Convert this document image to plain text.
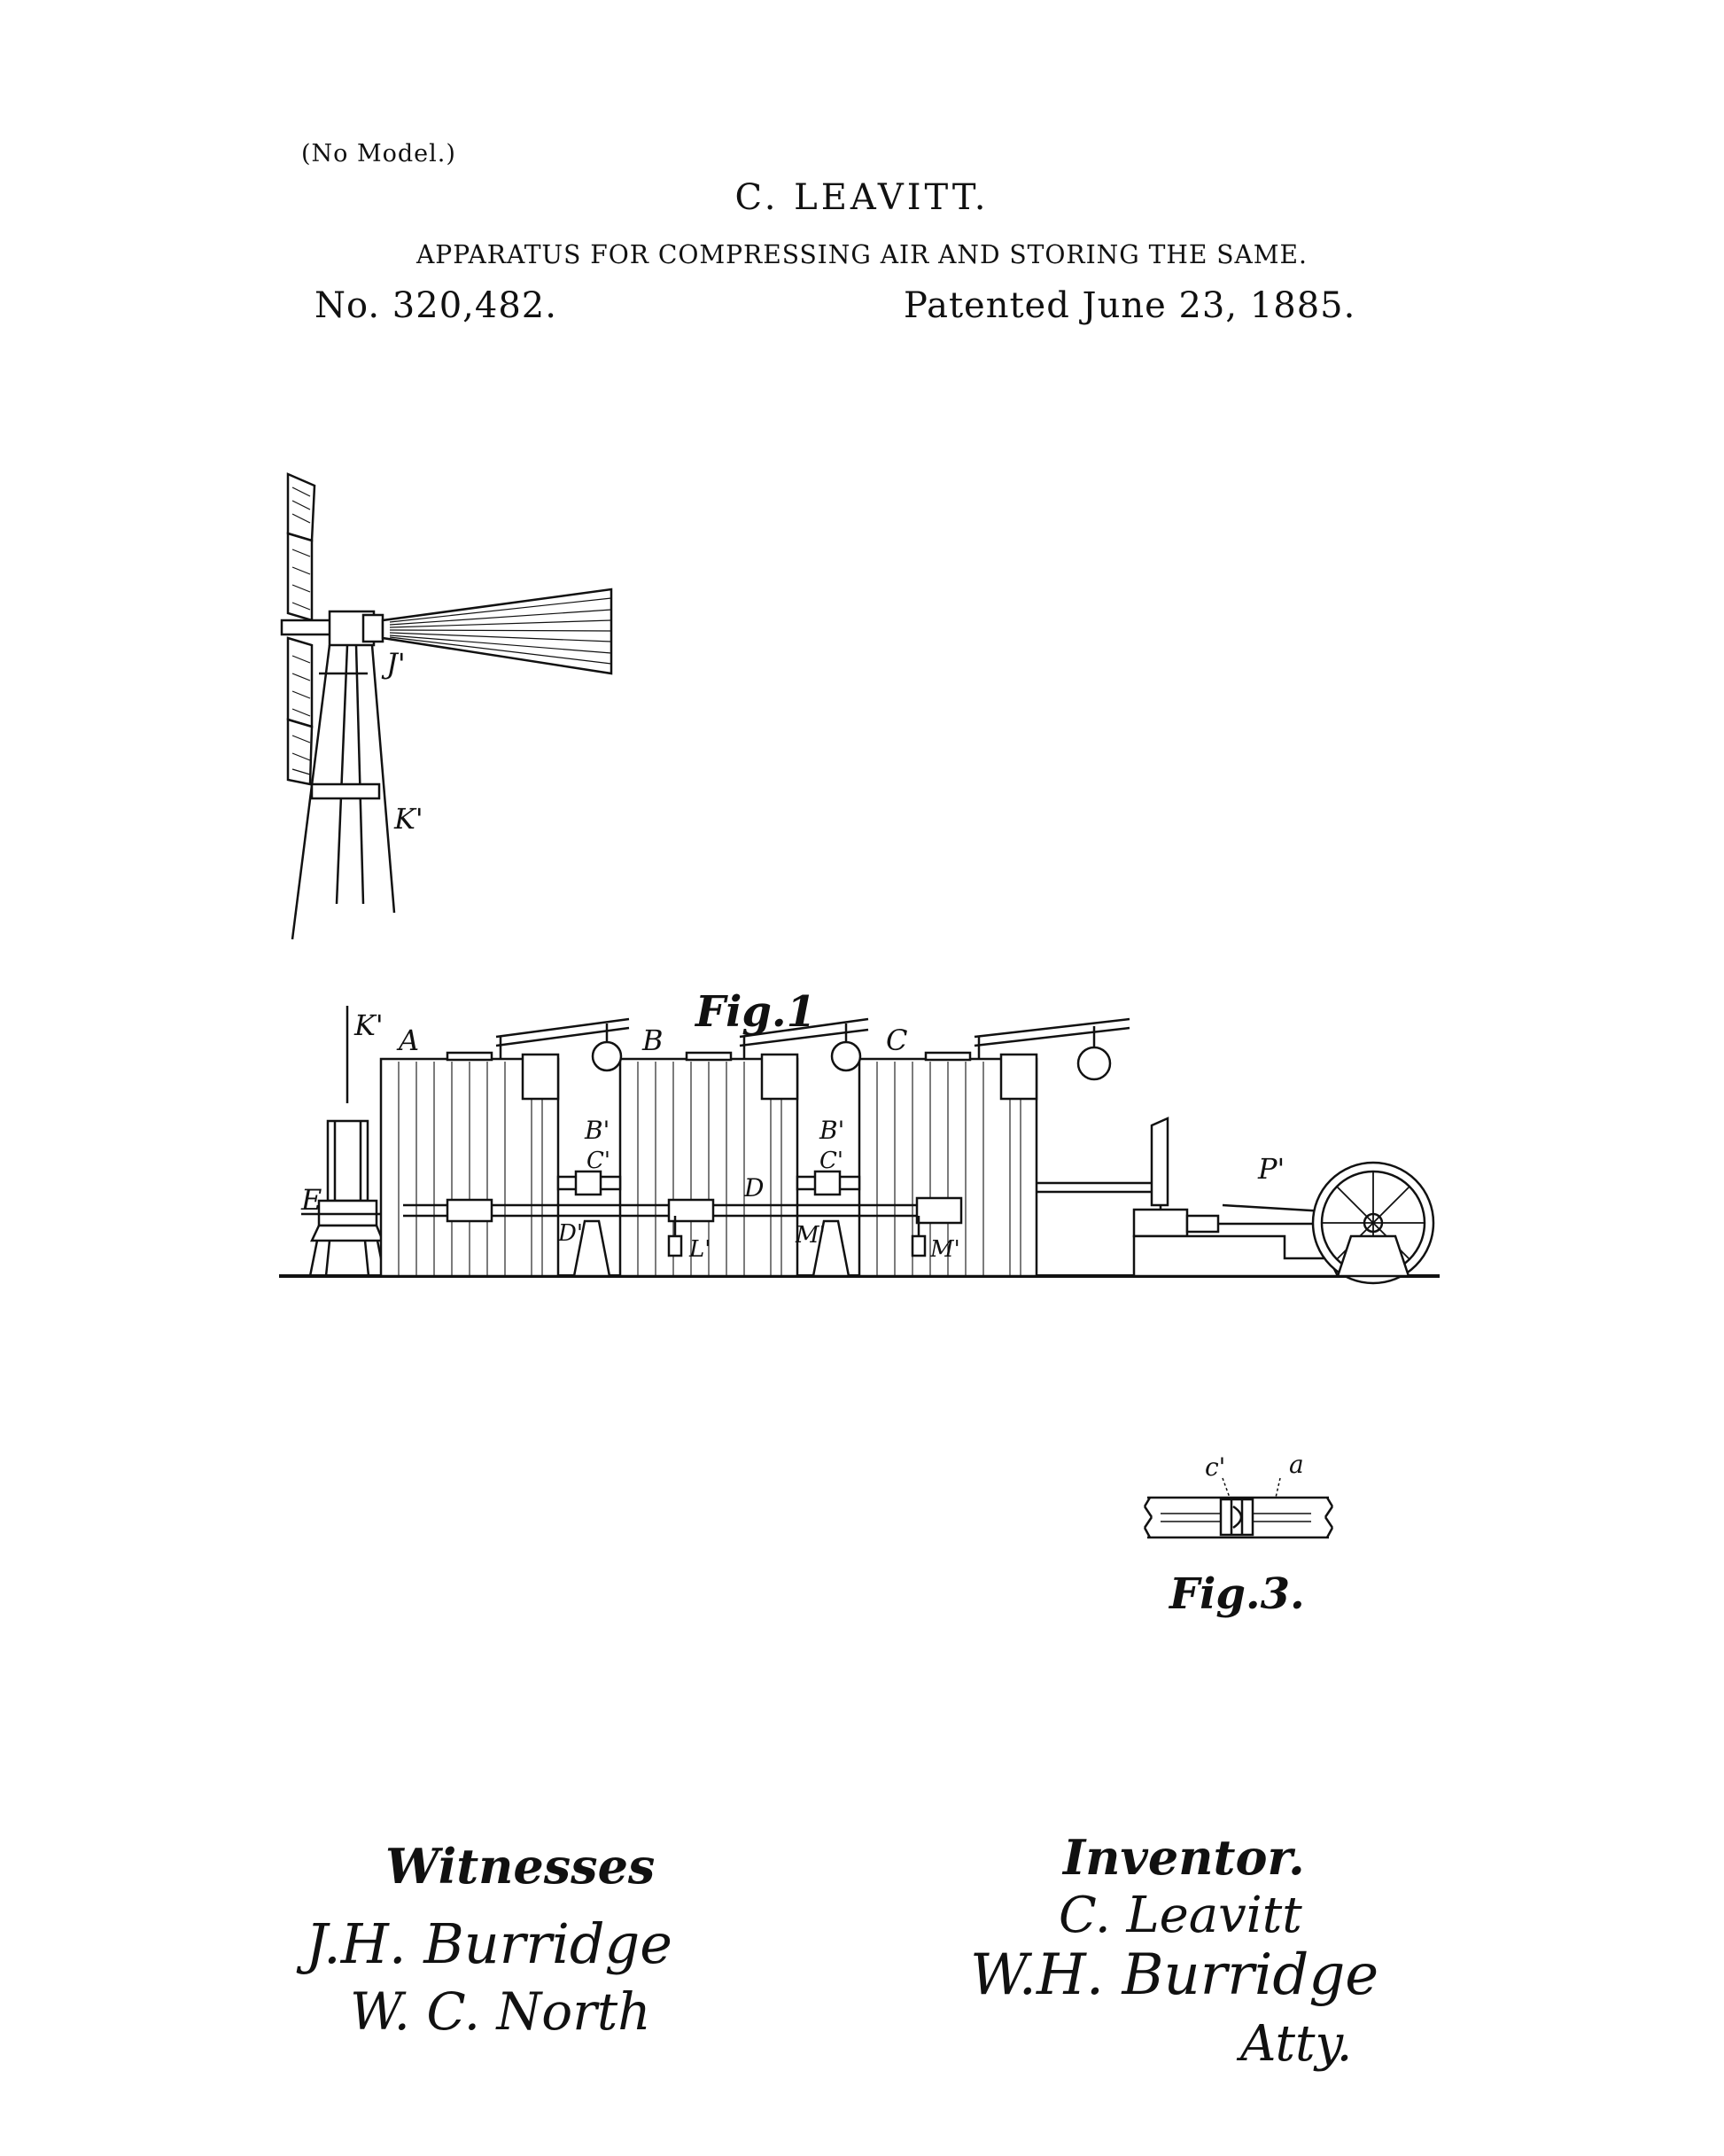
(No Model.)
C. LEAVITT.
APPARATUS FOR COMPRESSING AIR AND STORING THE SAME.
No. 320,482.	Patented June 23, 1885.
J'
K'
K' A	B	C
B'	B'
C'	C'
D
D'
E
L'
M'
M'
P'
c'	a
Fig.1
Fig.3.
Witnesses
J.H. Burridge
W. C. North
Inventor.
C. Leavitt
W.H. Burridge
Atty.
